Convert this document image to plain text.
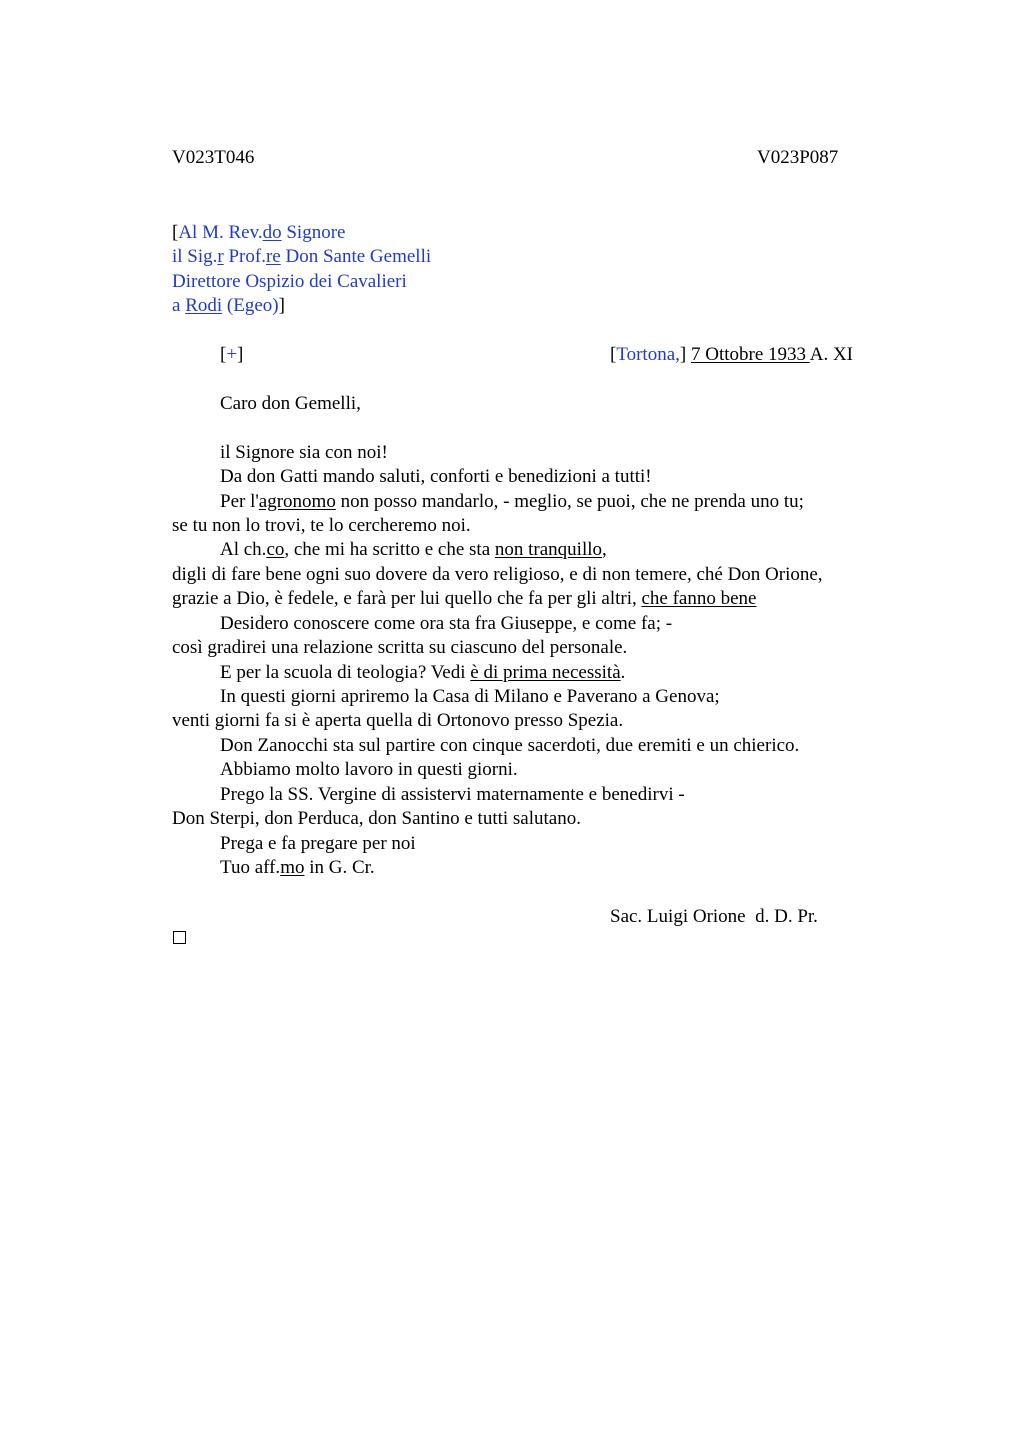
V023T046	V023P087
[Al M. Rev.do Signore
il Sig.r Prof.re Don Sante Gemelli
Direttore Ospizio dei Cavalieri
a Rodi (Egeo)]
[+]	[Tortona,] 7 Ottobre 1933 A. XI
Caro don Gemelli,
il Signore sia con noi!
Da don Gatti mando saluti, conforti e benedizioni a tutti!
Per l'agronomo non posso mandarlo, - meglio, se puoi, che ne prenda uno tu;
se tu non lo trovi, te lo cercheremo noi.
Al ch.co, che mi ha scritto e che sta non tranquillo,
digli di fare bene ogni suo dovere da vero religioso, e di non temere, ché Don Orione,
grazie a Dio, è fedele, e farà per lui quello che fa per gli altri, che fanno bene
Desidero conoscere come ora sta fra Giuseppe, e come fa; -
così gradirei una relazione scritta su ciascuno del personale.
E per la scuola di teologia? Vedi è di prima necessità.
In questi giorni apriremo la Casa di Milano e Paverano a Genova;
venti giorni fa si è aperta quella di Ortonovo presso Spezia.
Don Zanocchi sta sul partire con cinque sacerdoti, due eremiti e un chierico.
Abbiamo molto lavoro in questi giorni.
Prego la SS. Vergine di assistervi maternamente e benedirvi -
Don Sterpi, don Perduca, don Santino e tutti salutano.
Prega e fa pregare per noi
Tuo aff.mo in G. Cr.
Sac. Luigi Orione  d. D. Pr.
